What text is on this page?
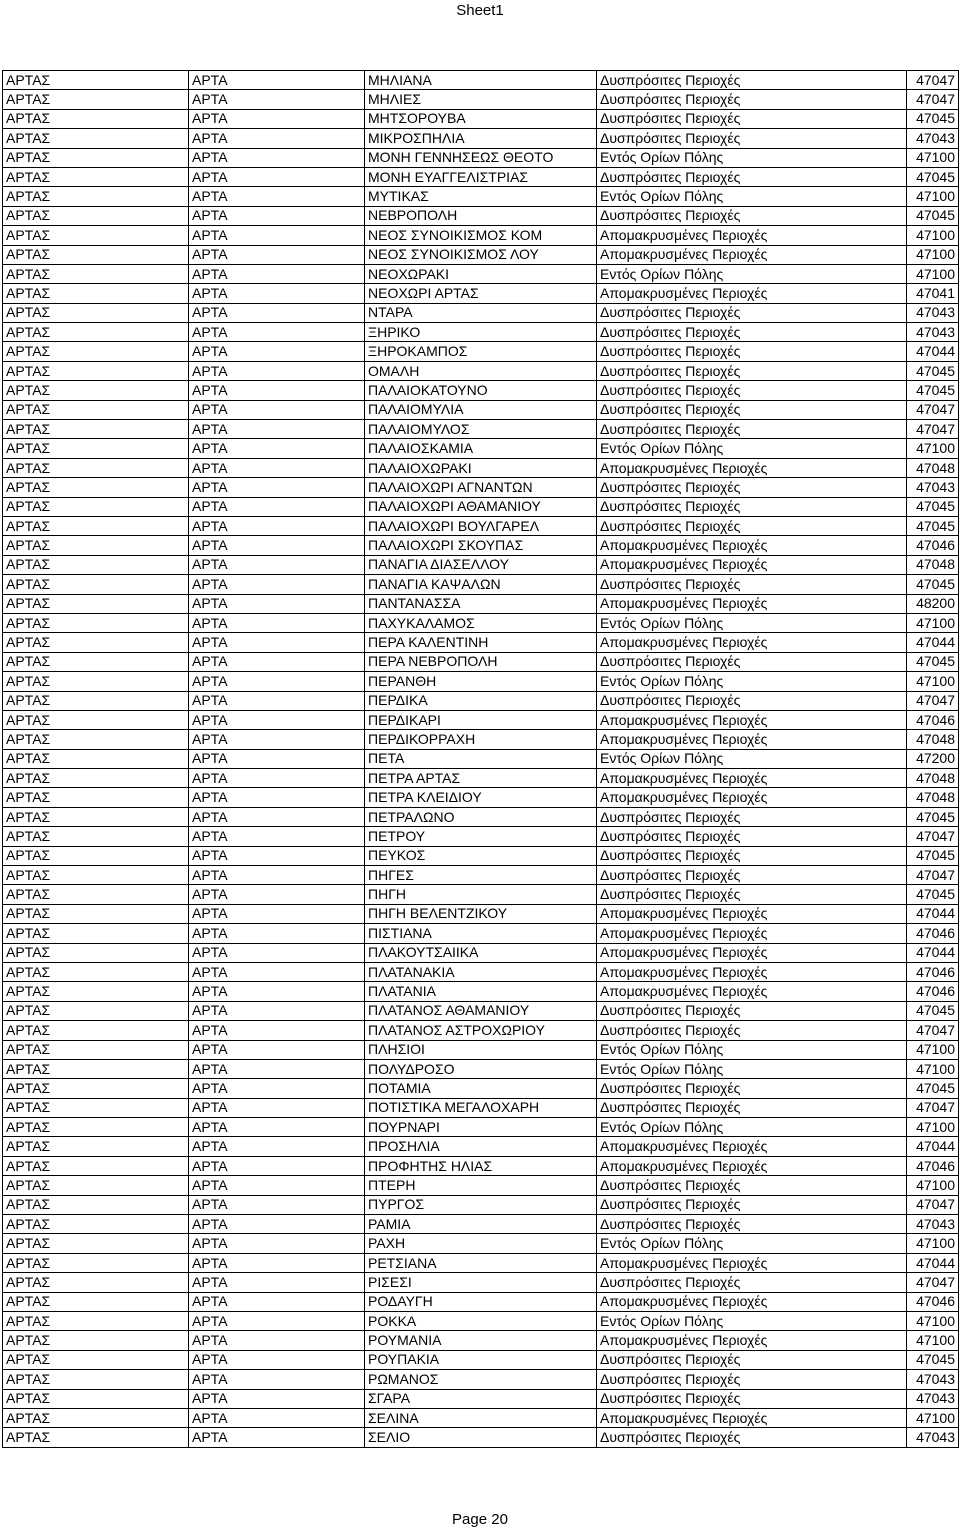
Sheet1
ΑΡΤΑΣ	ΑΡΤΑ	ΜΗΛΙΑΝΑ	Δυσπρόσιτες Περιοχές	47047
ΑΡΤΑΣ	ΑΡΤΑ	ΜΗΛΙΕΣ	Δυσπρόσιτες Περιοχές	47047
ΑΡΤΑΣ	ΑΡΤΑ	ΜΗΤΣΟΡΟΥΒΑ	Δυσπρόσιτες Περιοχές	47045
ΑΡΤΑΣ	ΑΡΤΑ	ΜΙΚΡΟΣΠΗΛΙΑ	Δυσπρόσιτες Περιοχές	47043
ΑΡΤΑΣ	ΑΡΤΑ	ΜΟΝΗ ΓΕΝΝΗΣΕΩΣ ΘΕΟΤΟ	Εντός Ορίων Πόλης	47100
ΑΡΤΑΣ	ΑΡΤΑ	ΜΟΝΗ ΕΥΑΓΓΕΛΙΣΤΡΙΑΣ	Δυσπρόσιτες Περιοχές	47045
ΑΡΤΑΣ	ΑΡΤΑ	ΜΥΤΙΚΑΣ	Εντός Ορίων Πόλης	47100
ΑΡΤΑΣ	ΑΡΤΑ	ΝΕΒΡΟΠΟΛΗ	Δυσπρόσιτες Περιοχές	47045
ΑΡΤΑΣ	ΑΡΤΑ	ΝΕΟΣ ΣΥΝΟΙΚΙΣΜΟΣ ΚΟΜ	Απομακρυσμένες Περιοχές	47100
ΑΡΤΑΣ	ΑΡΤΑ	ΝΕΟΣ ΣΥΝΟΙΚΙΣΜΟΣ ΛΟΥ	Απομακρυσμένες Περιοχές	47100
ΑΡΤΑΣ	ΑΡΤΑ	ΝΕΟΧΩΡΑΚΙ	Εντός Ορίων Πόλης	47100
ΑΡΤΑΣ	ΑΡΤΑ	ΝΕΟΧΩΡΙ ΑΡΤΑΣ	Απομακρυσμένες Περιοχές	47041
ΑΡΤΑΣ	ΑΡΤΑ	ΝΤΑΡΑ	Δυσπρόσιτες Περιοχές	47043
ΑΡΤΑΣ	ΑΡΤΑ	ΞΗΡΙΚΟ	Δυσπρόσιτες Περιοχές	47043
ΑΡΤΑΣ	ΑΡΤΑ	ΞΗΡΟΚΑΜΠΟΣ	Δυσπρόσιτες Περιοχές	47044
ΑΡΤΑΣ	ΑΡΤΑ	ΟΜΑΛΗ	Δυσπρόσιτες Περιοχές	47045
ΑΡΤΑΣ	ΑΡΤΑ	ΠΑΛΑΙΟΚΑΤΟΥΝΟ	Δυσπρόσιτες Περιοχές	47045
ΑΡΤΑΣ	ΑΡΤΑ	ΠΑΛΑΙΟΜΥΛΙΑ	Δυσπρόσιτες Περιοχές	47047
ΑΡΤΑΣ	ΑΡΤΑ	ΠΑΛΑΙΟΜΥΛΟΣ	Δυσπρόσιτες Περιοχές	47047
ΑΡΤΑΣ	ΑΡΤΑ	ΠΑΛΑΙΟΣΚΑΜΙΑ	Εντός Ορίων Πόλης	47100
ΑΡΤΑΣ	ΑΡΤΑ	ΠΑΛΑΙΟΧΩΡΑΚΙ	Απομακρυσμένες Περιοχές	47048
ΑΡΤΑΣ	ΑΡΤΑ	ΠΑΛΑΙΟΧΩΡΙ ΑΓΝΑΝΤΩΝ	Δυσπρόσιτες Περιοχές	47043
ΑΡΤΑΣ	ΑΡΤΑ	ΠΑΛΑΙΟΧΩΡΙ ΑΘΑΜΑΝΙΟΥ	Δυσπρόσιτες Περιοχές	47045
ΑΡΤΑΣ	ΑΡΤΑ	ΠΑΛΑΙΟΧΩΡΙ ΒΟΥΛΓΑΡΕΛ	Δυσπρόσιτες Περιοχές	47045
ΑΡΤΑΣ	ΑΡΤΑ	ΠΑΛΑΙΟΧΩΡΙ ΣΚΟΥΠΑΣ	Απομακρυσμένες Περιοχές	47046
ΑΡΤΑΣ	ΑΡΤΑ	ΠΑΝΑΓΙΑ ΔΙΑΣΕΛΛΟΥ	Απομακρυσμένες Περιοχές	47048
ΑΡΤΑΣ	ΑΡΤΑ	ΠΑΝΑΓΙΑ ΚΑΨΑΛΩΝ	Δυσπρόσιτες Περιοχές	47045
ΑΡΤΑΣ	ΑΡΤΑ	ΠΑΝΤΑΝΑΣΣΑ	Απομακρυσμένες Περιοχές	48200
ΑΡΤΑΣ	ΑΡΤΑ	ΠΑΧΥΚΑΛΑΜΟΣ	Εντός Ορίων Πόλης	47100
ΑΡΤΑΣ	ΑΡΤΑ	ΠΕΡΑ ΚΑΛΕΝΤΙΝΗ	Απομακρυσμένες Περιοχές	47044
ΑΡΤΑΣ	ΑΡΤΑ	ΠΕΡΑ ΝΕΒΡΟΠΟΛΗ	Δυσπρόσιτες Περιοχές	47045
ΑΡΤΑΣ	ΑΡΤΑ	ΠΕΡΑΝΘΗ	Εντός Ορίων Πόλης	47100
ΑΡΤΑΣ	ΑΡΤΑ	ΠΕΡΔΙΚΑ	Δυσπρόσιτες Περιοχές	47047
ΑΡΤΑΣ	ΑΡΤΑ	ΠΕΡΔΙΚΑΡΙ	Απομακρυσμένες Περιοχές	47046
ΑΡΤΑΣ	ΑΡΤΑ	ΠΕΡΔΙΚΟΡΡΑΧΗ	Απομακρυσμένες Περιοχές	47048
ΑΡΤΑΣ	ΑΡΤΑ	ΠΕΤΑ	Εντός Ορίων Πόλης	47200
ΑΡΤΑΣ	ΑΡΤΑ	ΠΕΤΡΑ ΑΡΤΑΣ	Απομακρυσμένες Περιοχές	47048
ΑΡΤΑΣ	ΑΡΤΑ	ΠΕΤΡΑ ΚΛΕΙΔΙΟΥ	Απομακρυσμένες Περιοχές	47048
ΑΡΤΑΣ	ΑΡΤΑ	ΠΕΤΡΑΛΩΝΟ	Δυσπρόσιτες Περιοχές	47045
ΑΡΤΑΣ	ΑΡΤΑ	ΠΕΤΡΟΥ	Δυσπρόσιτες Περιοχές	47047
ΑΡΤΑΣ	ΑΡΤΑ	ΠΕΥΚΟΣ	Δυσπρόσιτες Περιοχές	47045
ΑΡΤΑΣ	ΑΡΤΑ	ΠΗΓΕΣ	Δυσπρόσιτες Περιοχές	47047
ΑΡΤΑΣ	ΑΡΤΑ	ΠΗΓΗ	Δυσπρόσιτες Περιοχές	47045
ΑΡΤΑΣ	ΑΡΤΑ	ΠΗΓΗ ΒΕΛΕΝΤΖΙΚΟΥ	Απομακρυσμένες Περιοχές	47044
ΑΡΤΑΣ	ΑΡΤΑ	ΠΙΣΤΙΑΝΑ	Απομακρυσμένες Περιοχές	47046
ΑΡΤΑΣ	ΑΡΤΑ	ΠΛΑΚΟΥΤΣΑΙΙΚΑ	Απομακρυσμένες Περιοχές	47044
ΑΡΤΑΣ	ΑΡΤΑ	ΠΛΑΤΑΝΑΚΙΑ	Απομακρυσμένες Περιοχές	47046
ΑΡΤΑΣ	ΑΡΤΑ	ΠΛΑΤΑΝΙΑ	Απομακρυσμένες Περιοχές	47046
ΑΡΤΑΣ	ΑΡΤΑ	ΠΛΑΤΑΝΟΣ ΑΘΑΜΑΝΙΟΥ	Δυσπρόσιτες Περιοχές	47045
ΑΡΤΑΣ	ΑΡΤΑ	ΠΛΑΤΑΝΟΣ ΑΣΤΡΟΧΩΡΙΟΥ	Δυσπρόσιτες Περιοχές	47047
ΑΡΤΑΣ	ΑΡΤΑ	ΠΛΗΣΙΟΙ	Εντός Ορίων Πόλης	47100
ΑΡΤΑΣ	ΑΡΤΑ	ΠΟΛΥΔΡΟΣΟ	Εντός Ορίων Πόλης	47100
ΑΡΤΑΣ	ΑΡΤΑ	ΠΟΤΑΜΙΑ	Δυσπρόσιτες Περιοχές	47045
ΑΡΤΑΣ	ΑΡΤΑ	ΠΟΤΙΣΤΙΚΑ ΜΕΓΑΛΟΧΑΡΗ	Δυσπρόσιτες Περιοχές	47047
ΑΡΤΑΣ	ΑΡΤΑ	ΠΟΥΡΝΑΡΙ	Εντός Ορίων Πόλης	47100
ΑΡΤΑΣ	ΑΡΤΑ	ΠΡΟΣΗΛΙΑ	Απομακρυσμένες Περιοχές	47044
ΑΡΤΑΣ	ΑΡΤΑ	ΠΡΟΦΗΤΗΣ ΗΛΙΑΣ	Απομακρυσμένες Περιοχές	47046
ΑΡΤΑΣ	ΑΡΤΑ	ΠΤΕΡΗ	Δυσπρόσιτες Περιοχές	47100
ΑΡΤΑΣ	ΑΡΤΑ	ΠΥΡΓΟΣ	Δυσπρόσιτες Περιοχές	47047
ΑΡΤΑΣ	ΑΡΤΑ	ΡΑΜΙΑ	Δυσπρόσιτες Περιοχές	47043
ΑΡΤΑΣ	ΑΡΤΑ	ΡΑΧΗ	Εντός Ορίων Πόλης	47100
ΑΡΤΑΣ	ΑΡΤΑ	ΡΕΤΣΙΑΝΑ	Απομακρυσμένες Περιοχές	47044
ΑΡΤΑΣ	ΑΡΤΑ	ΡΙΣΕΣΙ	Δυσπρόσιτες Περιοχές	47047
ΑΡΤΑΣ	ΑΡΤΑ	ΡΟΔΑΥΓΗ	Απομακρυσμένες Περιοχές	47046
ΑΡΤΑΣ	ΑΡΤΑ	ΡΟΚΚΑ	Εντός Ορίων Πόλης	47100
ΑΡΤΑΣ	ΑΡΤΑ	ΡΟΥΜΑΝΙΑ	Απομακρυσμένες Περιοχές	47100
ΑΡΤΑΣ	ΑΡΤΑ	ΡΟΥΠΑΚΙΑ	Δυσπρόσιτες Περιοχές	47045
ΑΡΤΑΣ	ΑΡΤΑ	ΡΩΜΑΝΟΣ	Δυσπρόσιτες Περιοχές	47043
ΑΡΤΑΣ	ΑΡΤΑ	ΣΓΑΡΑ	Δυσπρόσιτες Περιοχές	47043
ΑΡΤΑΣ	ΑΡΤΑ	ΣΕΛΙΝΑ	Απομακρυσμένες Περιοχές	47100
ΑΡΤΑΣ	ΑΡΤΑ	ΣΕΛΙΟ	Δυσπρόσιτες Περιοχές	47043
Page 20
